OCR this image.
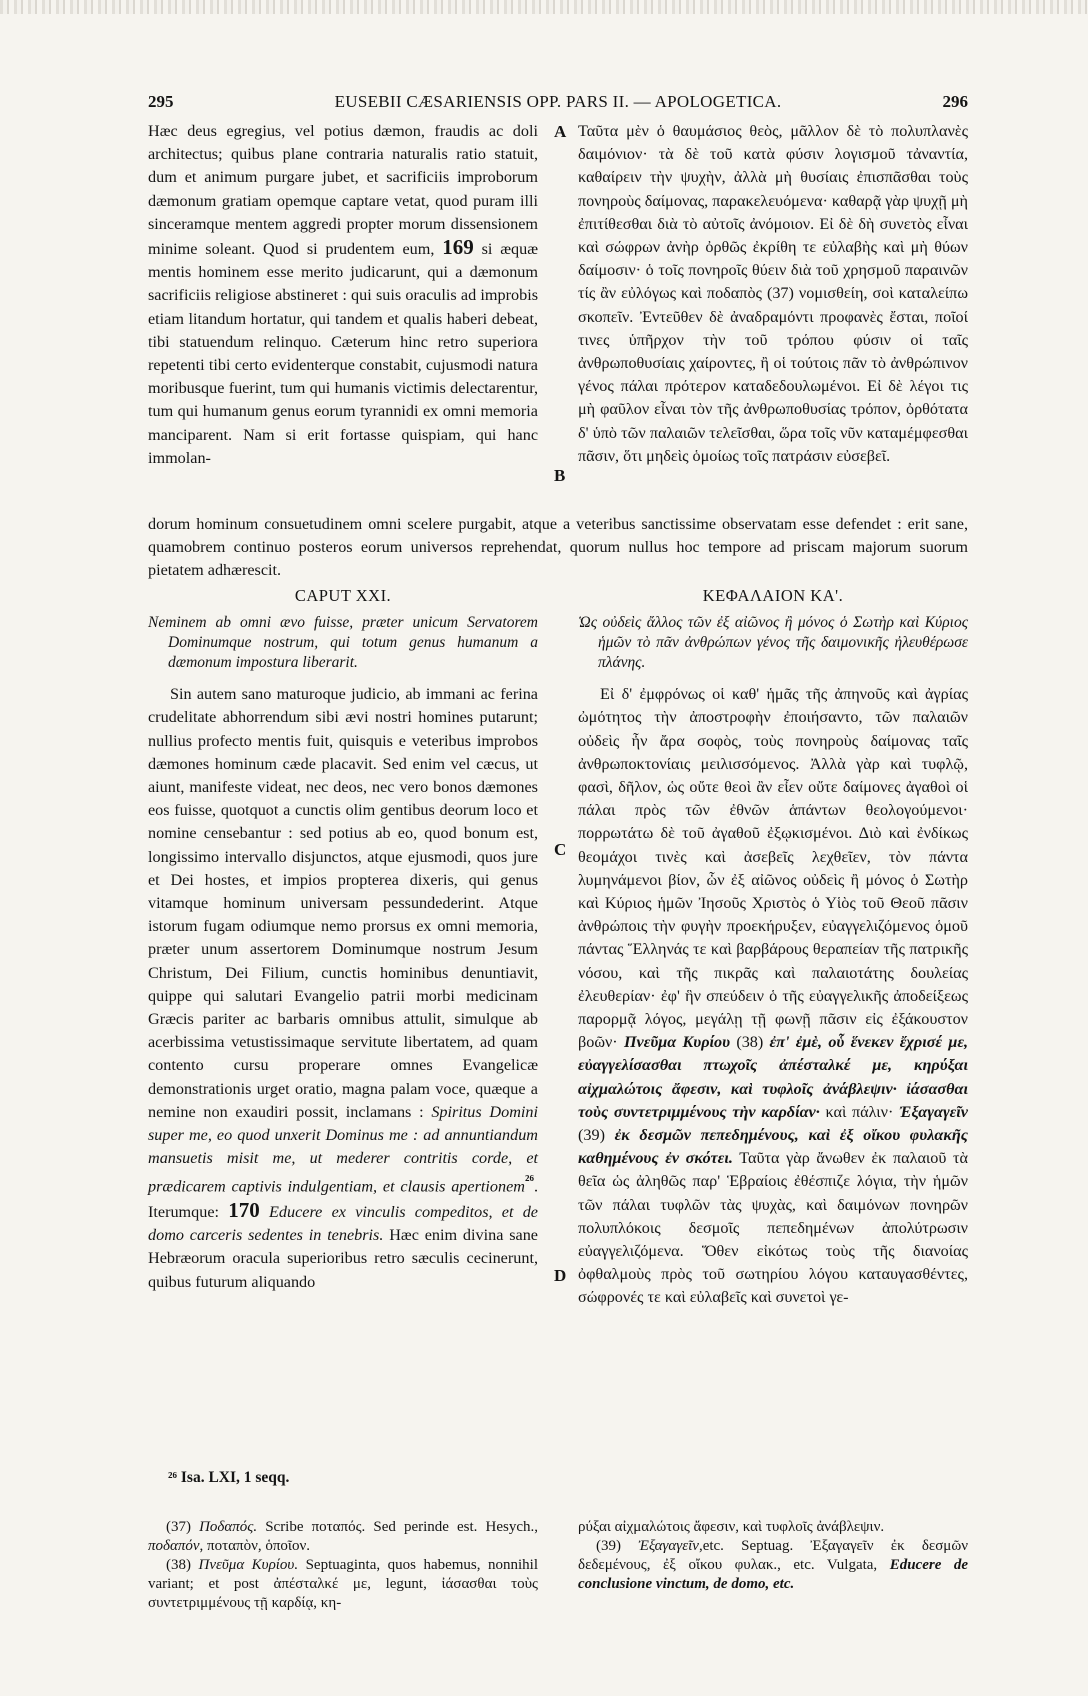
295	EUSEBII CÆSARIENSIS OPP. PARS II. — APOLOGETICA.	296

Hæc deus egregius, vel potius dæmon, fraudis ac doli architectus; quibus plane contraria naturalis ratio statuit, dum et animum purgare jubet, et sacrificiis improborum dæmonum gratiam opemque captare vetat, quod puram illi sinceramque mentem aggredi propter morum dissensionem minime soleant. Quod si prudentem eum, 169 si æquæ mentis hominem esse merito judicarunt, qui a dæmonum sacrificiis religiose abstineret : qui suis oraculis ad improbis etiam litandum hortatur, qui tandem et qualis haberi debeat, tibi statuendum relinquo. Cæterum hinc retro superiora repetenti tibi certo evidenterque constabit, cujusmodi natura moribusque fuerint, tum qui humanis victimis delectarentur, tum qui humanum genus eorum tyrannidi ex omni memoria manciparent. Nam si erit fortasse quispiam, qui hanc immolan-

Ταῦτα μὲν ὁ θαυμάσιος θεὸς, μᾶλλον δὲ τὸ πολυπλανὲς δαιμόνιον· τὰ δὲ τοῦ κατὰ φύσιν λογισμοῦ τἀναντία, καθαίρειν τὴν ψυχὴν, ἀλλὰ μὴ θυσίαις ἐπισπᾶσθαι τοὺς πονηροὺς δαίμονας, παρακελευόμενα· καθαρᾷ γὰρ ψυχῇ μὴ ἐπιτίθεσθαι διὰ τὸ αὐτοῖς ἀνόμοιον. Εἰ δὲ δὴ συνετὸς εἶναι καὶ σώφρων ἀνὴρ ὀρθῶς ἐκρίθη τε εὐλαβὴς καὶ μὴ θύων δαίμοσιν· ὁ τοῖς πονηροῖς θύειν διὰ τοῦ χρησμοῦ παραινῶν τίς ἂν εὐλόγως καὶ ποδαπὸς (37) νομισθείη, σοὶ καταλείπω σκοπεῖν. Ἐντεῦθεν δὲ ἀναδραμόντι προφανὲς ἔσται, ποῖοί τινες ὑπῆρχον τὴν τοῦ τρόπου φύσιν οἱ ταῖς ἀνθρωποθυσίαις χαίροντες, ἢ οἱ τούτοις πᾶν τὸ ἀνθρώπινον γένος πάλαι πρότερον καταδεδουλωμένοι. Εἰ δὲ λέγοι τις μὴ φαῦλον εἶναι τὸν τῆς ἀνθρωποθυσίας τρόπον, ὀρθότατα δ' ὑπὸ τῶν παλαιῶν τελεῖσθαι, ὥρα τοῖς νῦν καταμέμφεσθαι πᾶσιν, ὅτι μηδεὶς ὁμοίως τοῖς πατράσιν εὐσεβεῖ.

A
B
dorum hominum consuetudinem omni scelere purgabit, atque a veteribus sanctissime observatam esse defendet : erit sane, quamobrem continuo posteros eorum universos reprehendat, quorum nullus hoc tempore ad priscam majorum suorum pietatem adhærescit.
CAPUT XXI.
Neminem ab omni ævo fuisse, præter unicum Servatorem Dominumque nostrum, qui totum genus humanum a dæmonum impostura liberarit.

Sin autem sano maturoque judicio, ab immani ac ferina crudelitate abhorrendum sibi ævi nostri homines putarunt; nullius profecto mentis fuit, quisquis e veteribus improbos dæmones hominum cæde placavit. Sed enim vel cæcus, ut aiunt, manifeste videat, nec deos, nec vero bonos dæmones eos fuisse, quotquot a cunctis olim gentibus deorum loco et nomine censebantur : sed potius ab eo, quod bonum est, longissimo intervallo disjunctos, atque ejusmodi, quos jure et Dei hostes, et impios propterea dixeris, qui genus vitamque hominum universam pessundederint. Atque istorum fugam odiumque nemo prorsus ex omni memoria, præter unum assertorem Dominumque nostrum Jesum Christum, Dei Filium, cunctis hominibus denuntiavit, quippe qui salutari Evangelio patrii morbi medicinam Græcis pariter ac barbaris omnibus attulit, simulque ab acerbissima vetustissimaque servitute libertatem, ad quam contento cursu properare omnes Evangelicæ demonstrationis urget oratio, magna palam voce, quæque a nemine non exaudiri possit, inclamans : Spiritus Domini super me, eo quod unxerit Dominus me : ad annuntiandum mansuetis misit me, ut mederer contritis corde, et prædicarem captivis indulgentiam, et clausis apertionem$^{^{26}}$. Iterumque: 170 Educere ex vinculis compeditos, et de domo carceris sedentes in tenebris. Hæc enim divina sane Hebræorum oracula superioribus retro sæculis cecinerunt, quibus futurum aliquando

ΚΕΦΑΛΑΙΟΝ ΚΑ'.
Ὡς οὐδεὶς ἄλλος τῶν ἐξ αἰῶνος ἢ μόνος ὁ Σωτὴρ καὶ Κύριος ἡμῶν τὸ πᾶν ἀνθρώπων γένος τῆς δαιμονικῆς ἠλευθέρωσε πλάνης.

Εἰ δ' ἐμφρόνως οἱ καθ' ἡμᾶς τῆς ἀπηνοῦς καὶ ἀγρίας ὠμότητος τὴν ἀποστροφὴν ἐποιήσαντο, τῶν παλαιῶν οὐδεὶς ἦν ἄρα σοφὸς, τοὺς πονηροὺς δαίμονας ταῖς ἀνθρωποκτονίαις μειλισσόμενος. Ἀλλὰ γὰρ καὶ τυφλῷ, φασὶ, δῆλον, ὡς οὔτε θεοὶ ἂν εἶεν οὔτε δαίμονες ἀγαθοὶ οἱ πάλαι πρὸς τῶν ἐθνῶν ἁπάντων θεολογούμενοι· πορρωτάτω δὲ τοῦ ἀγαθοῦ ἐξῳκισμένοι. Διὸ καὶ ἐνδίκως θεομάχοι τινὲς καὶ ἀσεβεῖς λεχθεῖεν, τὸν πάντα λυμηνάμενοι βίον, ὧν ἐξ αἰῶνος οὐδεὶς ἢ μόνος ὁ Σωτὴρ καὶ Κύριος ἡμῶν Ἰησοῦς Χριστὸς ὁ Υἱὸς τοῦ Θεοῦ πᾶσιν ἀνθρώποις τὴν φυγὴν προεκήρυξεν, εὐαγγελιζόμενος ὁμοῦ πάντας Ἕλληνάς τε καὶ βαρβάρους θεραπείαν τῆς πατρικῆς νόσου, καὶ τῆς πικρᾶς καὶ παλαιοτάτης δουλείας ἐλευθερίαν· ἐφ' ἣν σπεύδειν ὁ τῆς εὐαγγελικῆς ἀποδείξεως παρορμᾷ λόγος, μεγάλῃ τῇ φωνῇ πᾶσιν εἰς ἐξάκουστον βοῶν· Πνεῦμα Κυρίου (38) ἐπ' ἐμὲ, οὗ ἕνεκεν ἔχρισέ με, εὐαγγελίσασθαι πτωχοῖς ἀπέσταλκέ με, κηρύξαι αἰχμαλώτοις ἄφεσιν, καὶ τυφλοῖς ἀνάβλεψιν· ἰάσασθαι τοὺς συντετριμμένους τὴν καρδίαν· καὶ πάλιν· Ἐξαγαγεῖν (39) ἐκ δεσμῶν πεπεδημένους, καὶ ἐξ οἴκου φυλακῆς καθημένους ἐν σκότει. Ταῦτα γὰρ ἄνωθεν ἐκ παλαιοῦ τὰ θεῖα ὡς ἀληθῶς παρ' Ἑβραίοις ἐθέσπιζε λόγια, τὴν ἡμῶν τῶν πάλαι τυφλῶν τὰς ψυχὰς, καὶ δαιμόνων πονηρῶν πολυπλόκοις δεσμοῖς πεπεδημένων ἀπολύτρωσιν εὐαγγελιζόμενα. Ὅθεν εἰκότως τοὺς τῆς διανοίας ὀφθαλμοὺς πρὸς τοῦ σωτηρίου λόγου καταυγασθέντες, σώφρονές τε καὶ εὐλαβεῖς καὶ συνετοὶ γε-

C
D
²⁶ Isa. LXI, 1 seqq.
(37) Ποδαπός. Scribe ποταπός. Sed perinde est. Hesych., ποδαπόν, ποταπὸν, ὁποῖον.
(38) Πνεῦμα Κυρίου. Septuaginta, quos habemus, nonnihil variant; et post ἀπέσταλκέ με, legunt, ἰάσασθαι τοὺς συντετριμμένους τῇ καρδίᾳ, κη-
ρύξαι αἰχμαλώτοις ἄφεσιν, καὶ τυφλοῖς ἀνάβλεψιν.
(39) Ἐξαγαγεῖν,etc. Septuag. Ἐξαγαγεῖν ἐκ δεσμῶν δεδεμένους, ἐξ οἴκου φυλακ., etc. Vulgata, Educere de conclusione vinctum, de domo, etc.
